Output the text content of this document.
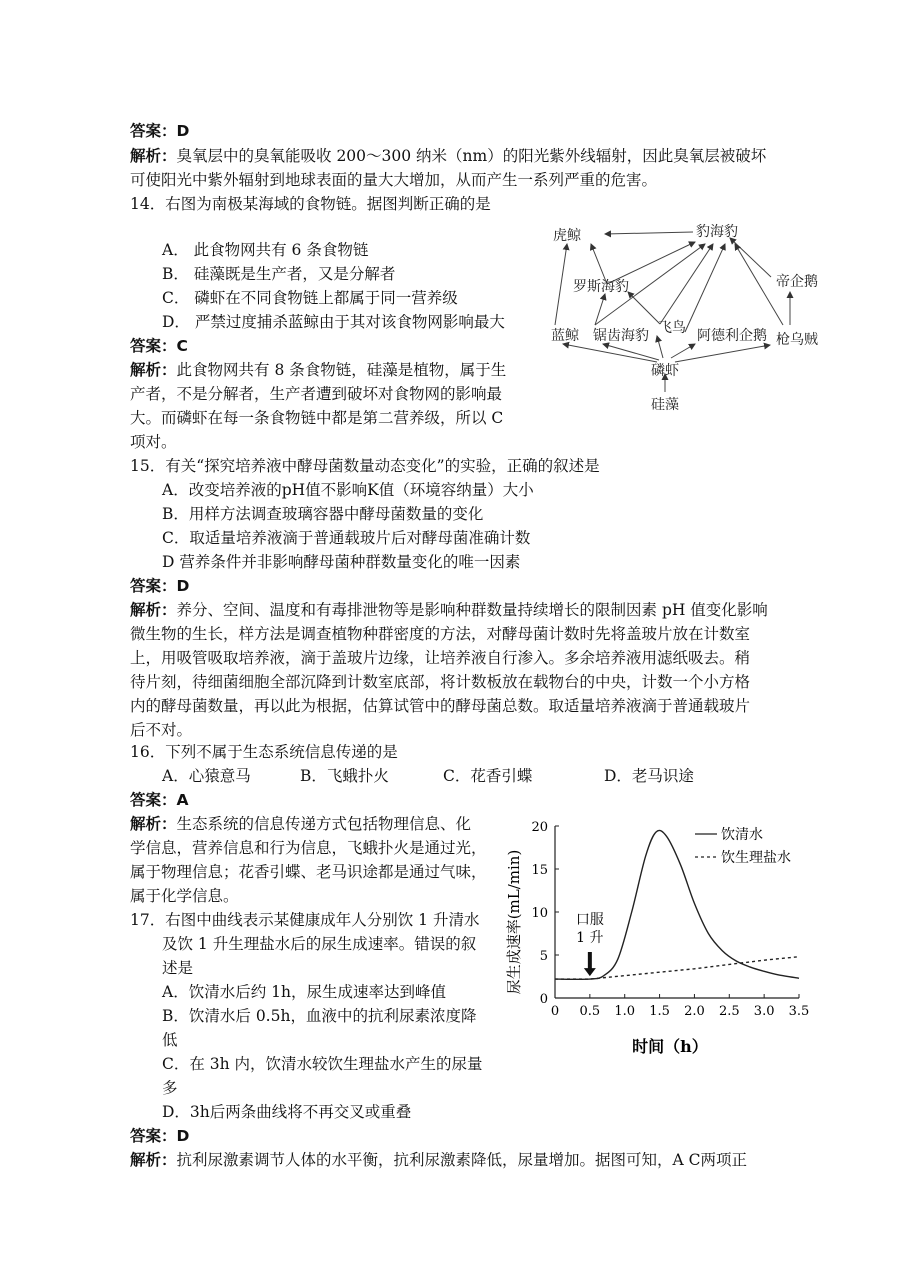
答案：D
解析：臭氧层中的臭氧能吸收 200～300 纳米（nm）的阳光紫外线辐射，因此臭氧层被破坏
可使阳光中紫外辐射到地球表面的量大大增加，从而产生一系列严重的危害。
14．右图为南极某海域的食物链。据图判断正确的是
A． 此食物网共有 6 条食物链
B． 硅藻既是生产者，又是分解者
C． 磷虾在不同食物链上都属于同一营养级
D． 严禁过度捕杀蓝鲸由于其对该食物网影响最大
答案：C
解析：此食物网共有 8 条食物链，硅藻是植物，属于生
产者，不是分解者，生产者遭到破坏对食物网的影响最
大。而磷虾在每一条食物链中都是第二营养级，所以 C
项对。
虎鲸	豹海豹
帝企鹅
罗斯海豹
蓝鲸 锯齿海豹 飞鸟 阿德利企鹅 枪乌贼
磷虾
硅藻
15．有关“探究培养液中酵母菌数量动态变化”的实验，正确的叙述是
A．改变培养液的pH值不影响K值（环境容纳量）大小
B．用样方法调查玻璃容器中酵母菌数量的变化
C．取适量培养液滴于普通载玻片后对酵母菌准确计数
D 营养条件并非影响酵母菌种群数量变化的唯一因素
答案：D
解析：养分、空间、温度和有毒排泄物等是影响种群数量持续增长的限制因素 pH 值变化影响
微生物的生长，样方法是调查植物种群密度的方法，对酵母菌计数时先将盖玻片放在计数室
上，用吸管吸取培养液，滴于盖玻片边缘，让培养液自行渗入。多余培养液用滤纸吸去。稍
待片刻，待细菌细胞全部沉降到计数室底部，将计数板放在载物台的中央，计数一个小方格
内的酵母菌数量，再以此为根据，估算试管中的酵母菌总数。取适量培养液滴于普通载玻片
后不对。
16．下列不属于生态系统信息传递的是
A．心猿意马	B．飞蛾扑火	C．花香引蝶	D．老马识途
答案：A
解析：生态系统的信息传递方式包括物理信息、化
学信息，营养信息和行为信息，飞蛾扑火是通过光，
属于物理信息；花香引蝶、老马识途都是通过气味，
属于化学信息。
17．右图中曲线表示某健康成年人分别饮 1 升清水
及饮 1 升生理盐水后的尿生成速率。错误的叙
述是
A．饮清水后约 1h，尿生成速率达到峰值
B．饮清水后 0.5h，血液中的抗利尿素浓度降
低
C．在 3h 内，饮清水较饮生理盐水产生的尿量
多
D．3h后两条曲线将不再交叉或重叠
答案：D
解析：抗利尿激素调节人体的水平衡，抗利尿激素降低，尿量增加。据图可知，A C两项正
0 0.5 1.0 1.5 2.0 2.5 3.0 3.5
0
5
10
15
20
尿生成速率(mL/min)
时间（h）
饮清水
饮生理盐水
口服
1 升
